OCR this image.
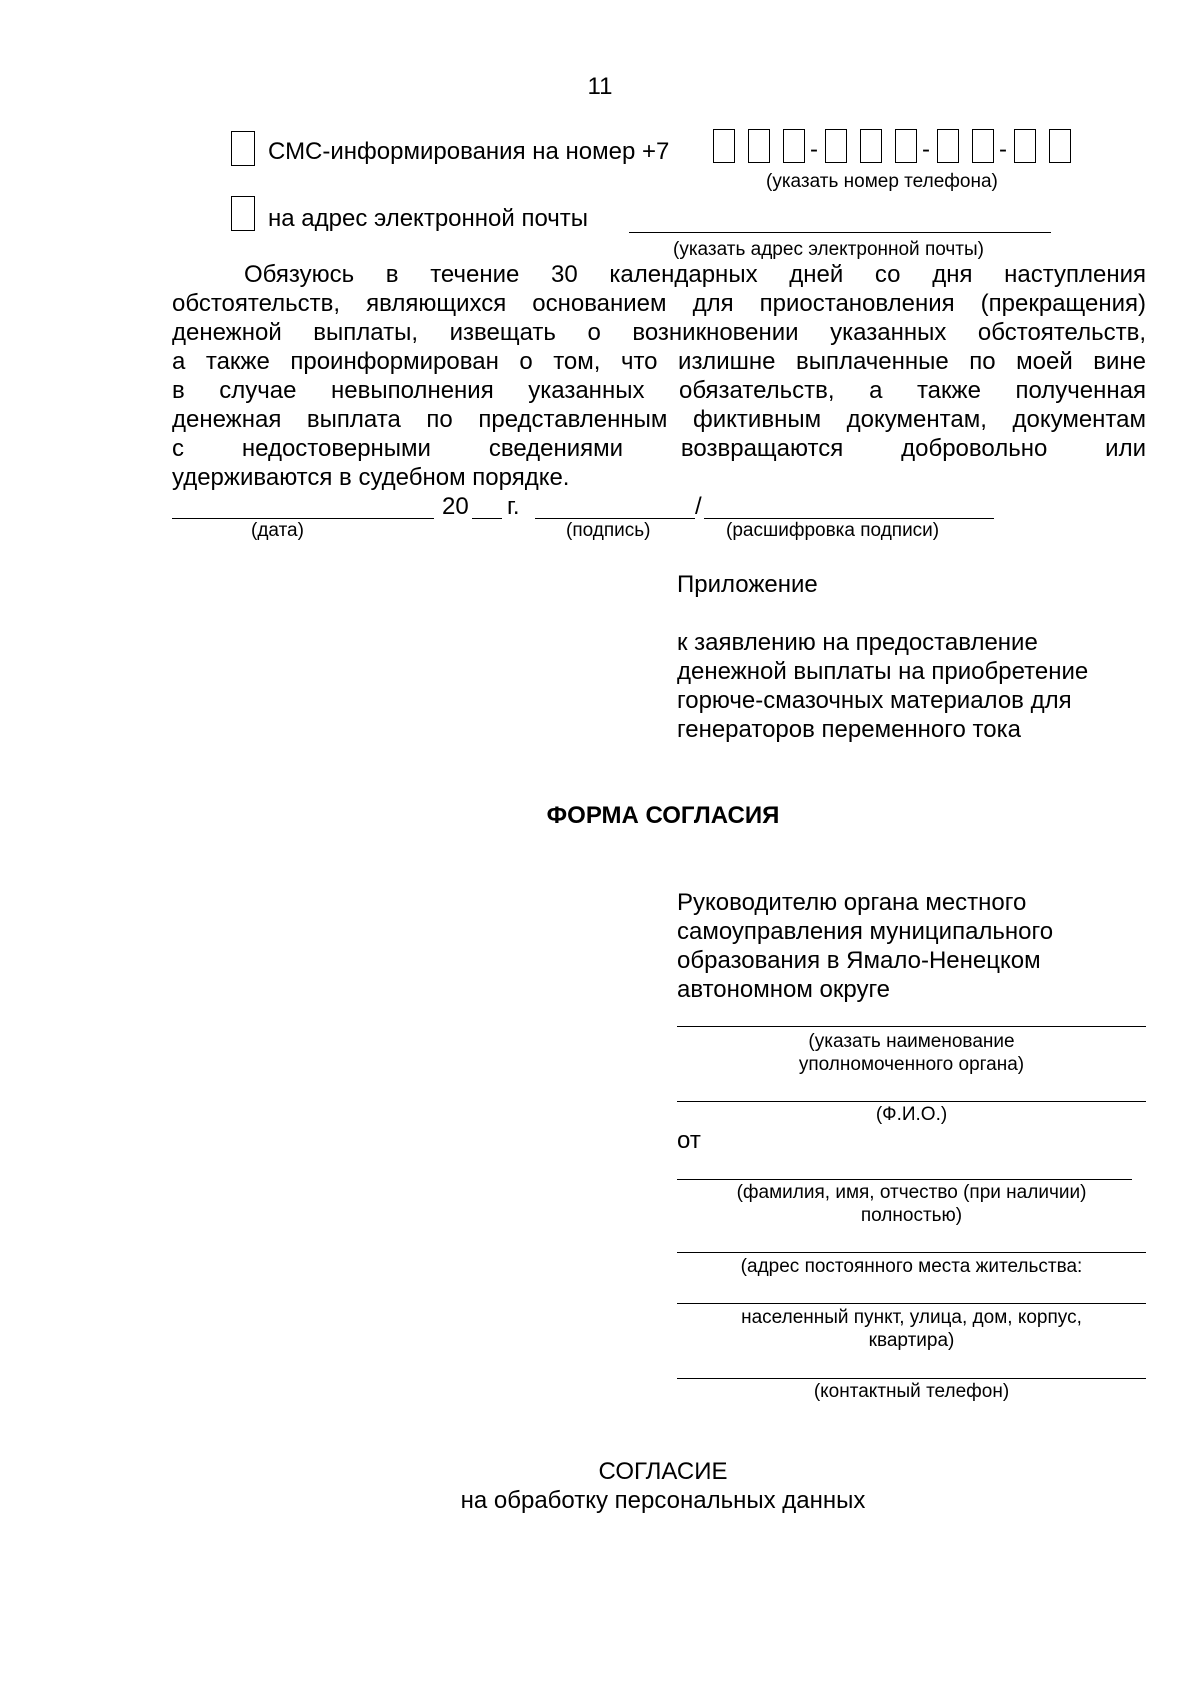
11
СМС-информирования на номер +7	-	-	-
(указать номер телефона)
на адрес электронной почты
(указать адрес электронной почты)

Обязуюсь в течение 30 календарных дней со дня наступления

обстоятельств, являющихся основанием для приостановления (прекращения)

денежной выплаты, извещать о возникновении указанных обстоятельств,

а также проинформирован о том, что излишне выплаченные по моей вине

в случае невыполнения указанных обязательств, а также полученная

денежная выплата по представленным фиктивным документам, документам

с недостоверными сведениями возвращаются добровольно или

удерживаются в судебном порядке.

20 г.	/
(дата)	(подпись)	(расшифровка подписи)
Приложение
к заявлению на предоставление
денежной выплаты на приобретение
горюче-смазочных материалов для
генераторов переменного тока
ФОРМА СОГЛАСИЯ
Руководителю органа местного
самоуправления муниципального
образования в Ямало-Ненецком
автономном округе
(указать наименование
уполномоченного органа)
(Ф.И.О.)
от
(фамилия, имя, отчество (при наличии)
полностью)
(адрес постоянного места жительства:
населенный пункт, улица, дом, корпус,
квартира)
(контактный телефон)
СОГЛАСИЕ
на обработку персональных данных
